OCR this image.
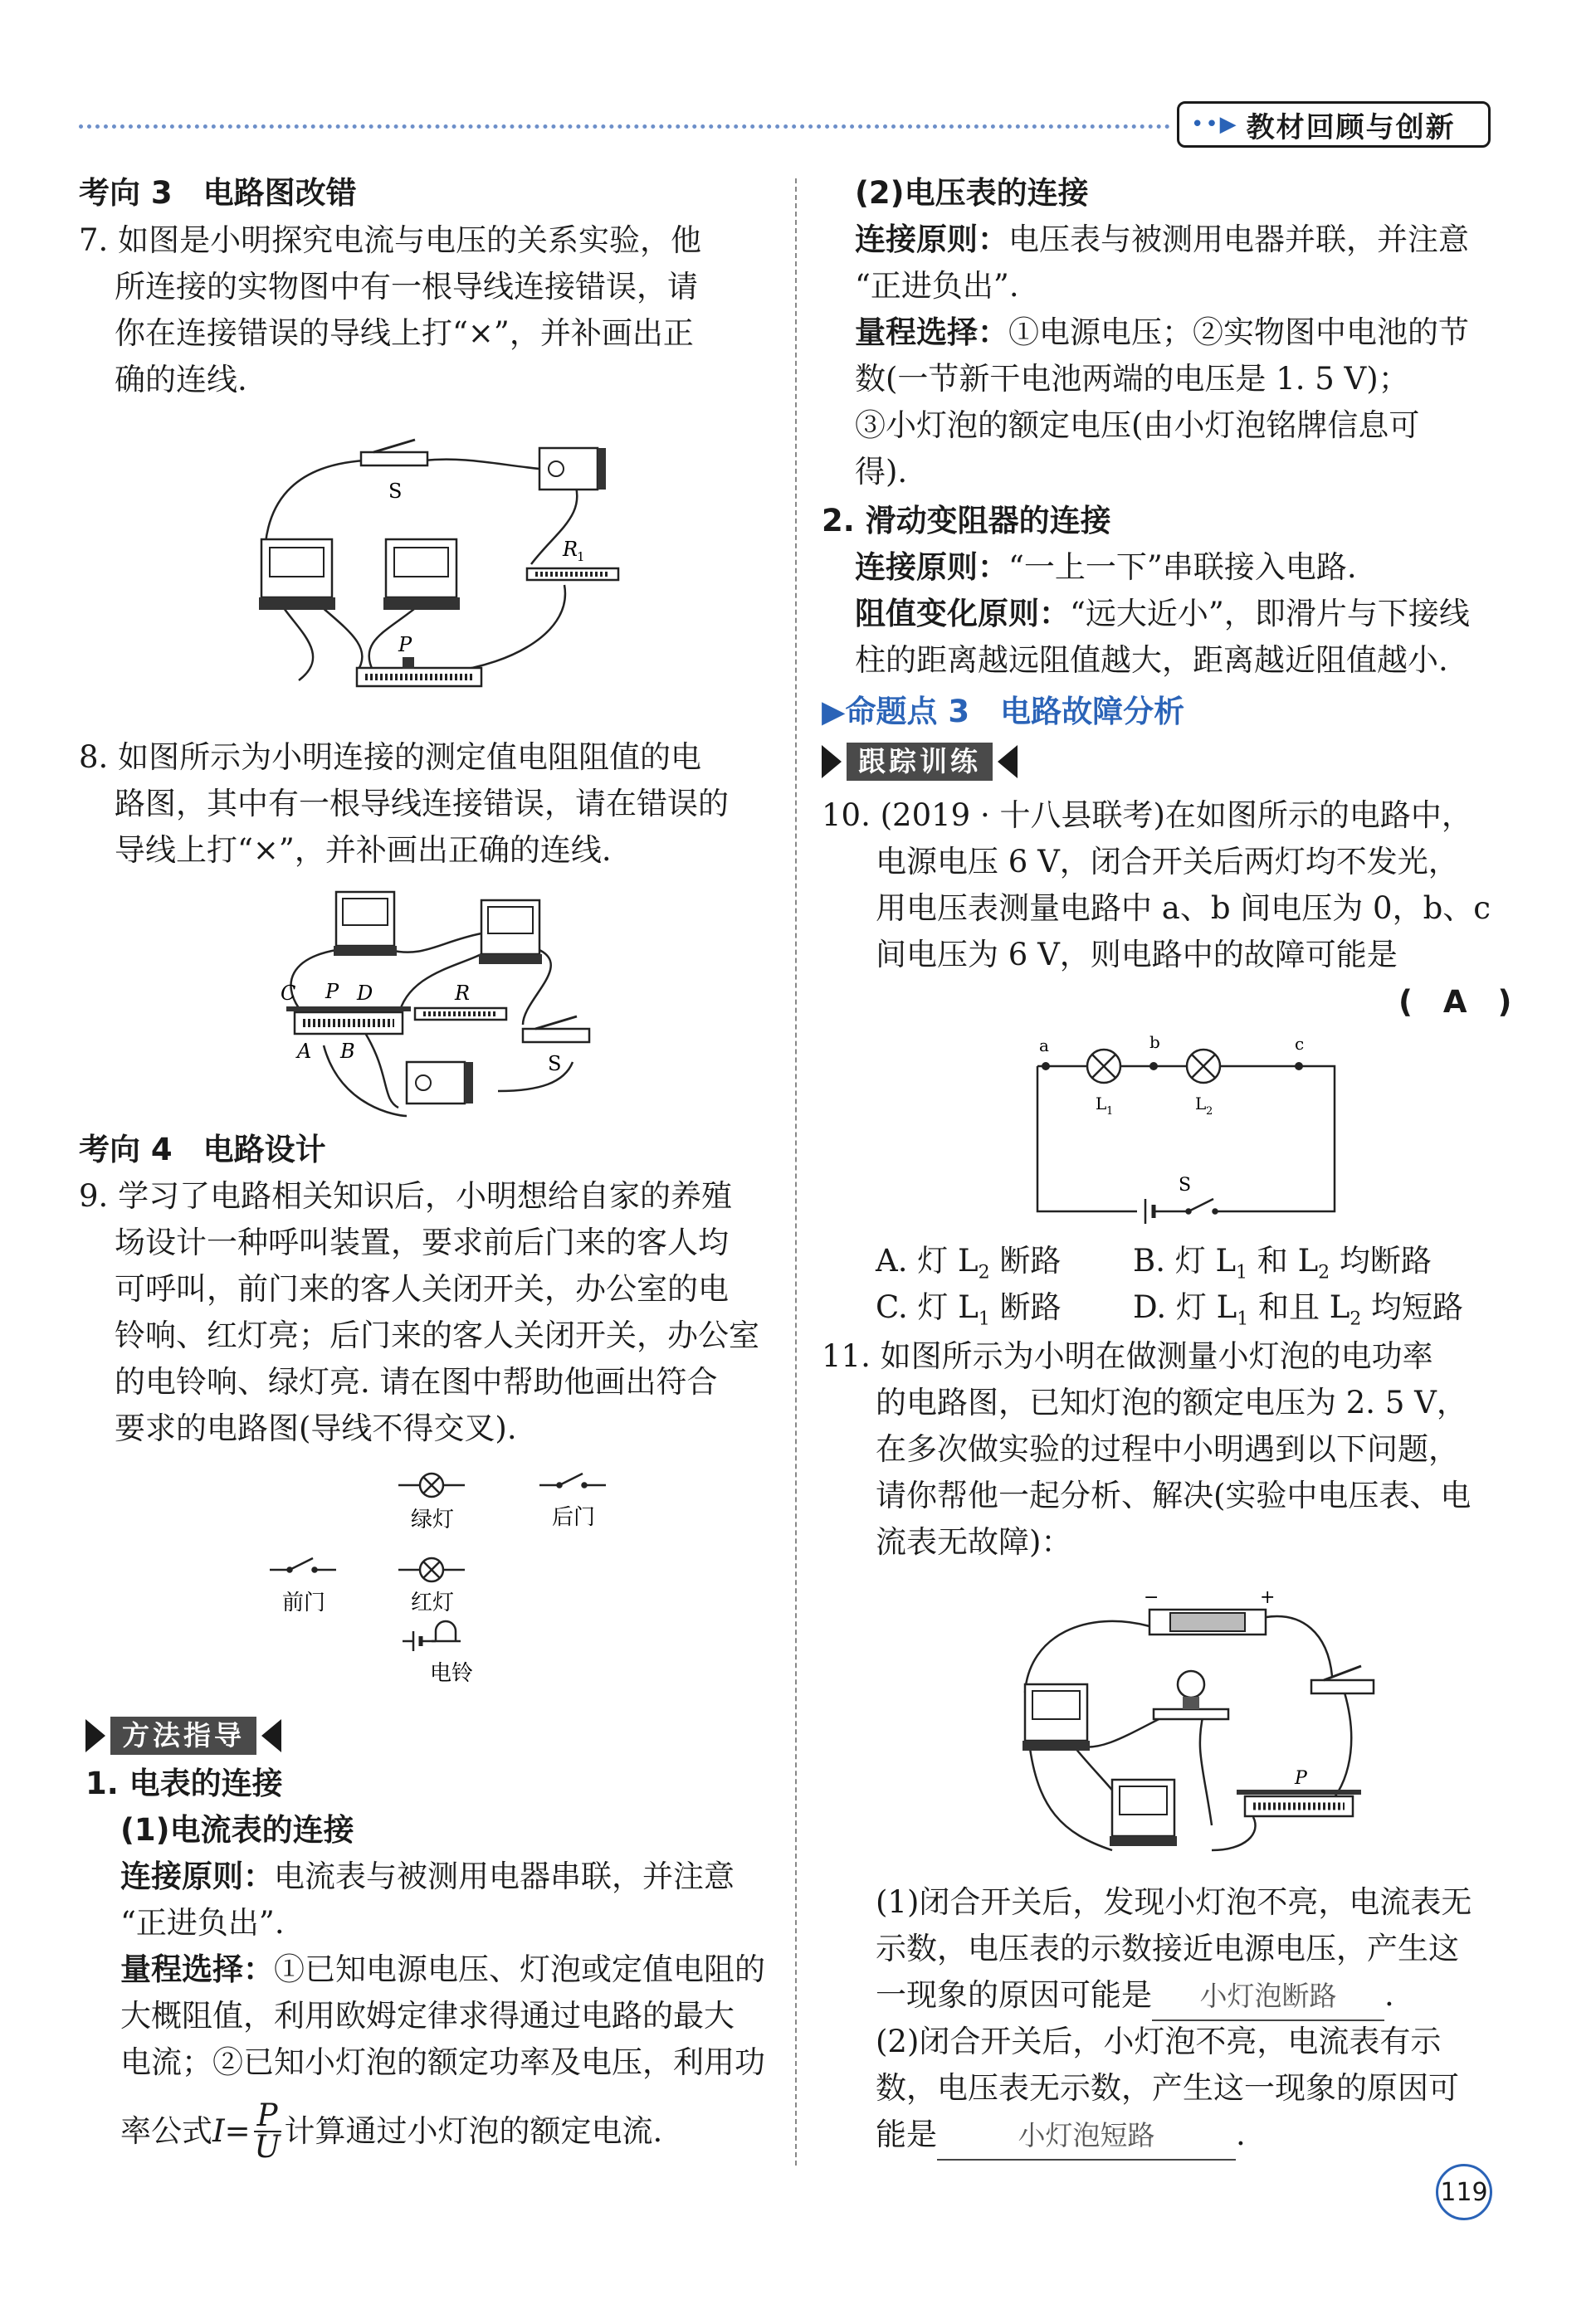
••▶ 教材回顾与创新
考向 3　电路图改错
7. 如图是小明探究电流与电压的关系实验，他
所连接的实物图中有一根导线连接错误，请
你在连接错误的导线上打“×”，并补画出正
确的连线.
S
R
1
P
8. 如图所示为小明连接的测定值电阻阻值的电
路图，其中有一根导线连接错误，请在错误的
导线上打“×”，并补画出正确的连线.
C P D
A B
R
S
考向 4　电路设计
9. 学习了电路相关知识后，小明想给自家的养殖
场设计一种呼叫装置，要求前后门来的客人均
可呼叫，前门来的客人关闭开关，办公室的电
铃响、红灯亮；后门来的客人关闭开关，办公室
的电铃响、绿灯亮. 请在图中帮助他画出符合
要求的电路图(导线不得交叉).
绿灯	后门
前门	红灯
电铃
方法指导
1. 电表的连接
(1)电流表的连接
连接原则：电流表与被测用电器串联，并注意
“正进负出”.
量程选择：①已知电源电压、灯泡或定值电阻的
大概阻值，利用欧姆定律求得通过电路的最大
电流；②已知小灯泡的额定功率及电压，利用功
率公式 $I = \frac{P}{U}$ 计算通过小灯泡的额定电流.
(2)电压表的连接
连接原则：电压表与被测用电器并联，并注意
“正进负出”.
量程选择：①电源电压；②实物图中电池的节
数(一节新干电池两端的电压是 1. 5 V)；
③小灯泡的额定电压(由小灯泡铭牌信息可
得).
2. 滑动变阻器的连接
连接原则：“一上一下”串联接入电路.
阻值变化原则：“远大近小”，即滑片与下接线
柱的距离越远阻值越大，距离越近阻值越小.
▶命题点 3　电路故障分析
跟踪训练
10. (2019 · 十八县联考)在如图所示的电路中，
电源电压 6 V，闭合开关后两灯均不发光，
用电压表测量电路中 a、b 间电压为 0，b、c
间电压为 6 V，则电路中的故障可能是
(　A　)
a	b	c
L 1	L 2
S
A. 灯 $L_2$ 断路 B. 灯 $L_1$ 和 $L_2$ 均断路
C. 灯 $L_1$ 断路 D. 灯 $L_1$ 和且 $L_2$ 均短路
11. 如图所示为小明在做测量小灯泡的电功率
的电路图，已知灯泡的额定电压为 2. 5 V，
在多次做实验的过程中小明遇到以下问题，
请你帮他一起分析、解决(实验中电压表、电
流表无故障)：
−	+
P
(1)闭合开关后，发现小灯泡不亮，电流表无
示数，电压表的示数接近电源电压，产生这
一现象的原因可能是 小灯泡断路 .
(2)闭合开关后，小灯泡不亮，电流表有示
数，电压表无示数，产生这一现象的原因可
能是	小灯泡短路	.
119
